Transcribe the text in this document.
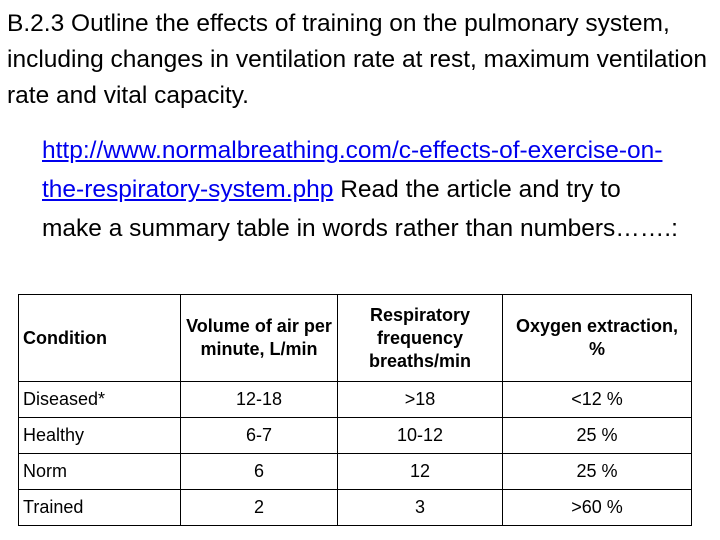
B.2.3 Outline the effects of training on the pulmonary system, including changes in ventilation rate at rest, maximum ventilation rate and vital capacity.

http://www.normalbreathing.com/c-effects-of-exercise-on-the-respiratory-system.php Read the article and try to make a summary table in words rather than numbers…….:

Condition	Volume of air per minute, L/min	Respiratory frequency breaths/min	Oxygen extraction, %
Diseased*	12-18	>18	<12 %
Healthy	6-7	10-12	25 %
Norm	6	12	25 %
Trained	2	3	>60 %
